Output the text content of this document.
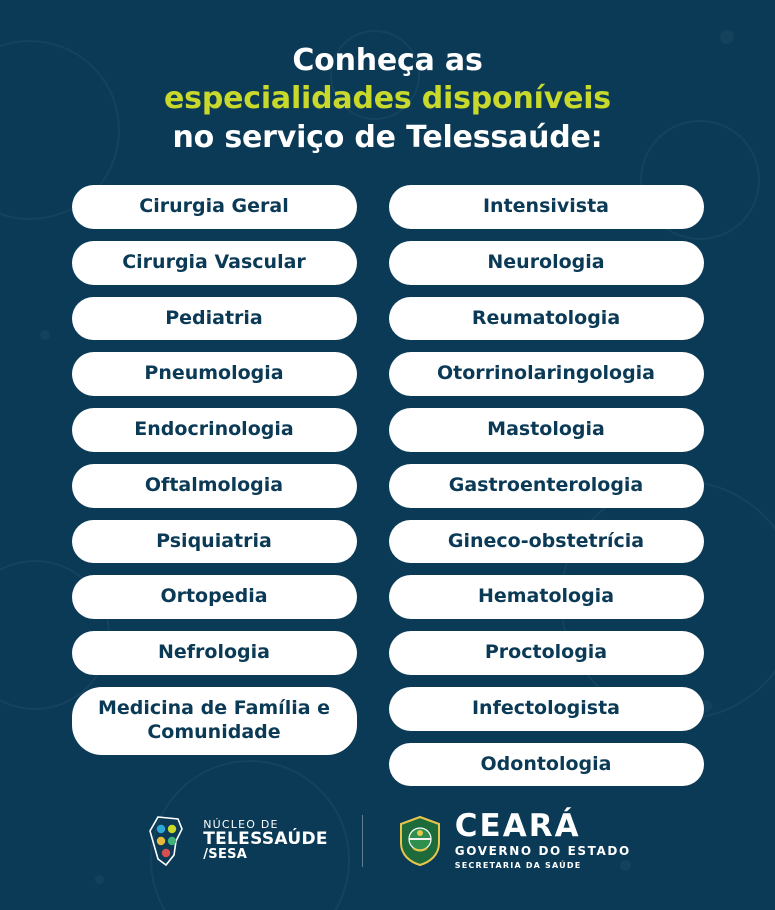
Conheça as
especialidades disponíveis
no serviço de Telessaúde:
Cirurgia Geral
Cirurgia Vascular
Pediatria
Pneumologia
Endocrinologia
Oftalmologia
Psiquiatria
Ortopedia
Nefrologia
Medicina de Família e Comunidade
Intensivista
Neurologia
Reumatologia
Otorrinolaringologia
Mastologia
Gastroenterologia
Gineco-obstetrícia
Hematologia
Proctologia
Infectologista
Odontologia
NÚCLEO DE
TELESSAÚDE
/SESA
CEARÁ
GOVERNO DO ESTADO
SECRETARIA DA SAÚDE
